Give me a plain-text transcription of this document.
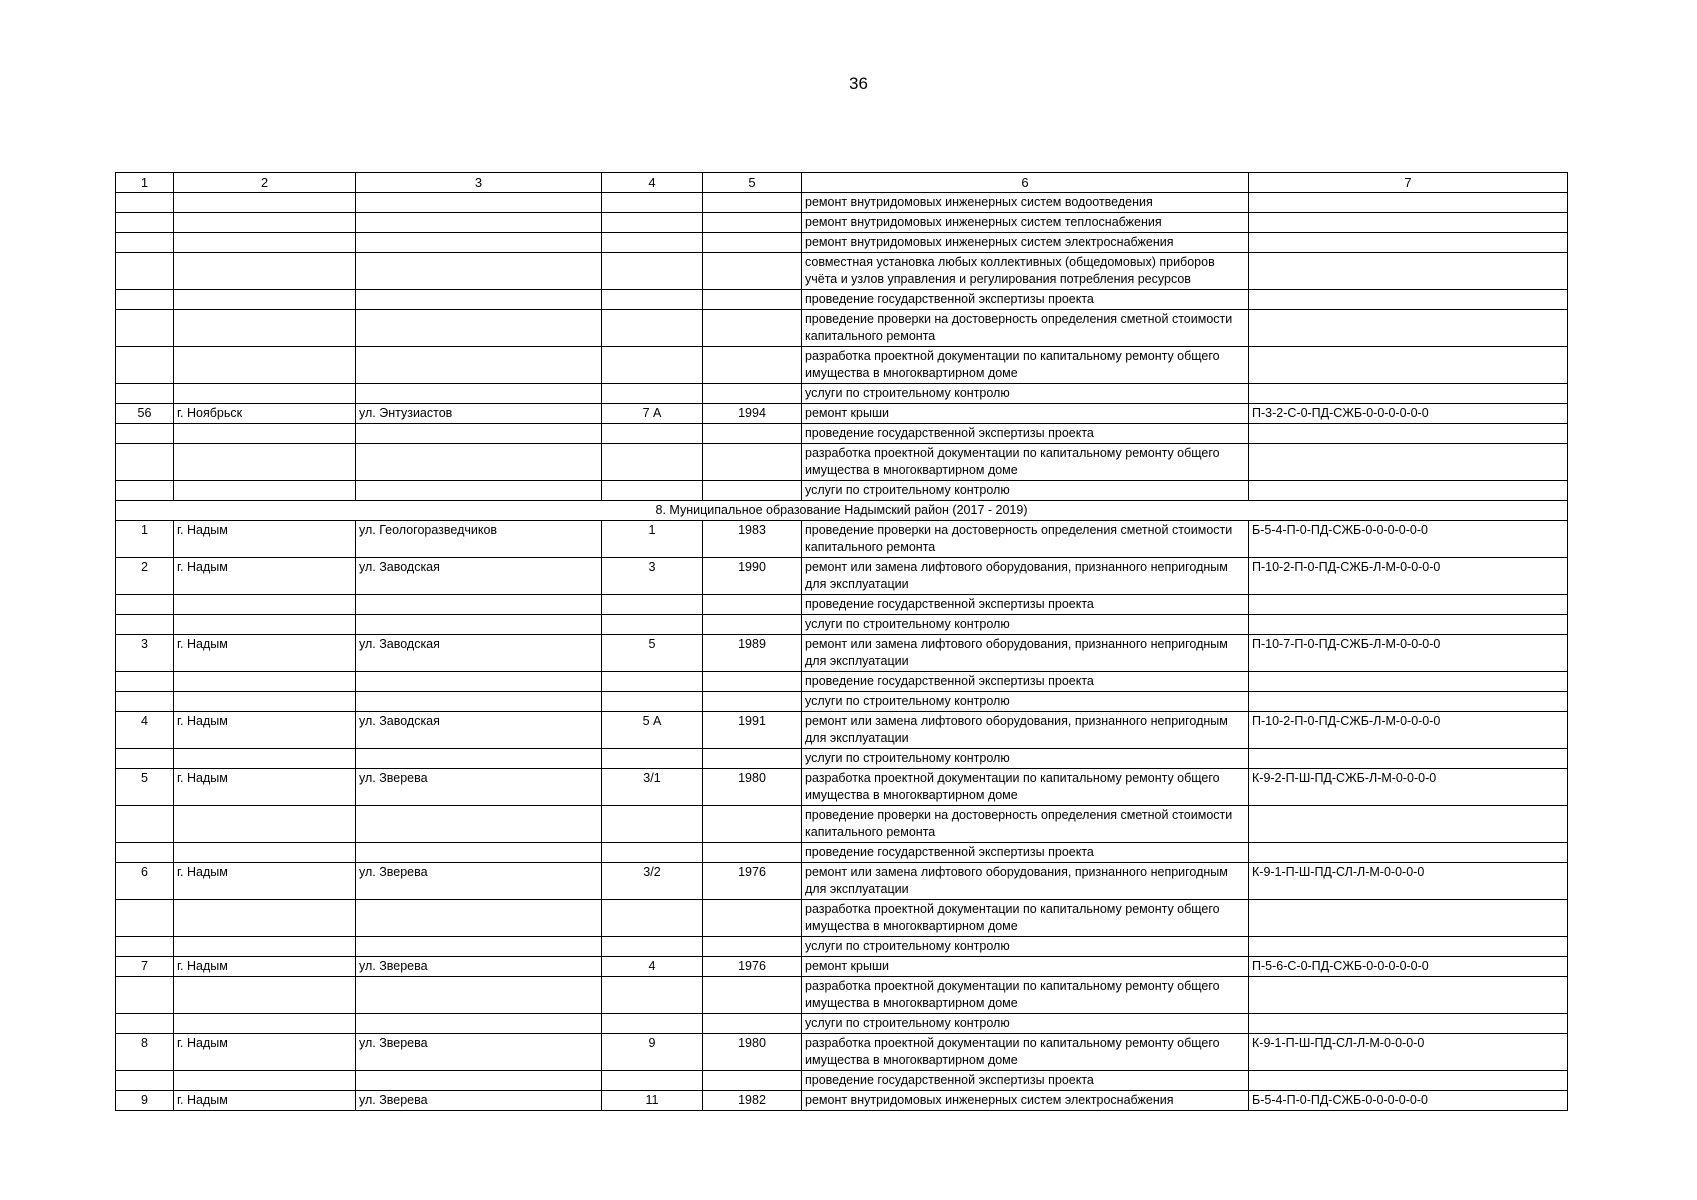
36
1	2	3	4	5	6	7
					ремонт внутридомовых инженерных систем водоотведения	
					ремонт внутридомовых инженерных систем теплоснабжения	
					ремонт внутридомовых инженерных систем электроснабжения	
					совместная установка любых коллективных (общедомовых) приборов учёта и узлов управления и регулирования потребления ресурсов	
					проведение государственной экспертизы проекта	
					проведение проверки на достоверность определения сметной стоимости капитального ремонта	
					разработка проектной документации по капитальному ремонту общего имущества в многоквартирном доме	
					услуги по строительному контролю	
56	г. Ноябрьск	ул. Энтузиастов	7 А	1994	ремонт крыши	П-3-2-С-0-ПД-СЖБ-0-0-0-0-0-0
					проведение государственной экспертизы проекта	
					разработка проектной документации по капитальному ремонту общего имущества в многоквартирном доме	
					услуги по строительному контролю	
8. Муниципальное образование Надымский район (2017 - 2019)						
1	г. Надым	ул. Геологоразведчиков	1	1983	проведение проверки на достоверность определения сметной стоимости капитального ремонта	Б-5-4-П-0-ПД-СЖБ-0-0-0-0-0-0
2	г. Надым	ул. Заводская	3	1990	ремонт или замена лифтового оборудования, признанного непригодным для эксплуатации	П-10-2-П-0-ПД-СЖБ-Л-М-0-0-0-0
					проведение государственной экспертизы проекта	
					услуги по строительному контролю	
3	г. Надым	ул. Заводская	5	1989	ремонт или замена лифтового оборудования, признанного непригодным для эксплуатации	П-10-7-П-0-ПД-СЖБ-Л-М-0-0-0-0
					проведение государственной экспертизы проекта	
					услуги по строительному контролю	
4	г. Надым	ул. Заводская	5 А	1991	ремонт или замена лифтового оборудования, признанного непригодным для эксплуатации	П-10-2-П-0-ПД-СЖБ-Л-М-0-0-0-0
					услуги по строительному контролю	
5	г. Надым	ул. Зверева	3/1	1980	разработка проектной документации по капитальному ремонту общего имущества в многоквартирном доме	К-9-2-П-Ш-ПД-СЖБ-Л-М-0-0-0-0
					проведение проверки на достоверность определения сметной стоимости капитального ремонта	
					проведение государственной экспертизы проекта	
6	г. Надым	ул. Зверева	3/2	1976	ремонт или замена лифтового оборудования, признанного непригодным для эксплуатации	К-9-1-П-Ш-ПД-СЛ-Л-М-0-0-0-0
					разработка проектной документации по капитальному ремонту общего имущества в многоквартирном доме	
					услуги по строительному контролю	
7	г. Надым	ул. Зверева	4	1976	ремонт крыши	П-5-6-С-0-ПД-СЖБ-0-0-0-0-0-0
					разработка проектной документации по капитальному ремонту общего имущества в многоквартирном доме	
					услуги по строительному контролю	
8	г. Надым	ул. Зверева	9	1980	разработка проектной документации по капитальному ремонту общего имущества в многоквартирном доме	К-9-1-П-Ш-ПД-СЛ-Л-М-0-0-0-0
					проведение государственной экспертизы проекта	
9	г. Надым	ул. Зверева	11	1982	ремонт внутридомовых инженерных систем электроснабжения	Б-5-4-П-0-ПД-СЖБ-0-0-0-0-0-0
